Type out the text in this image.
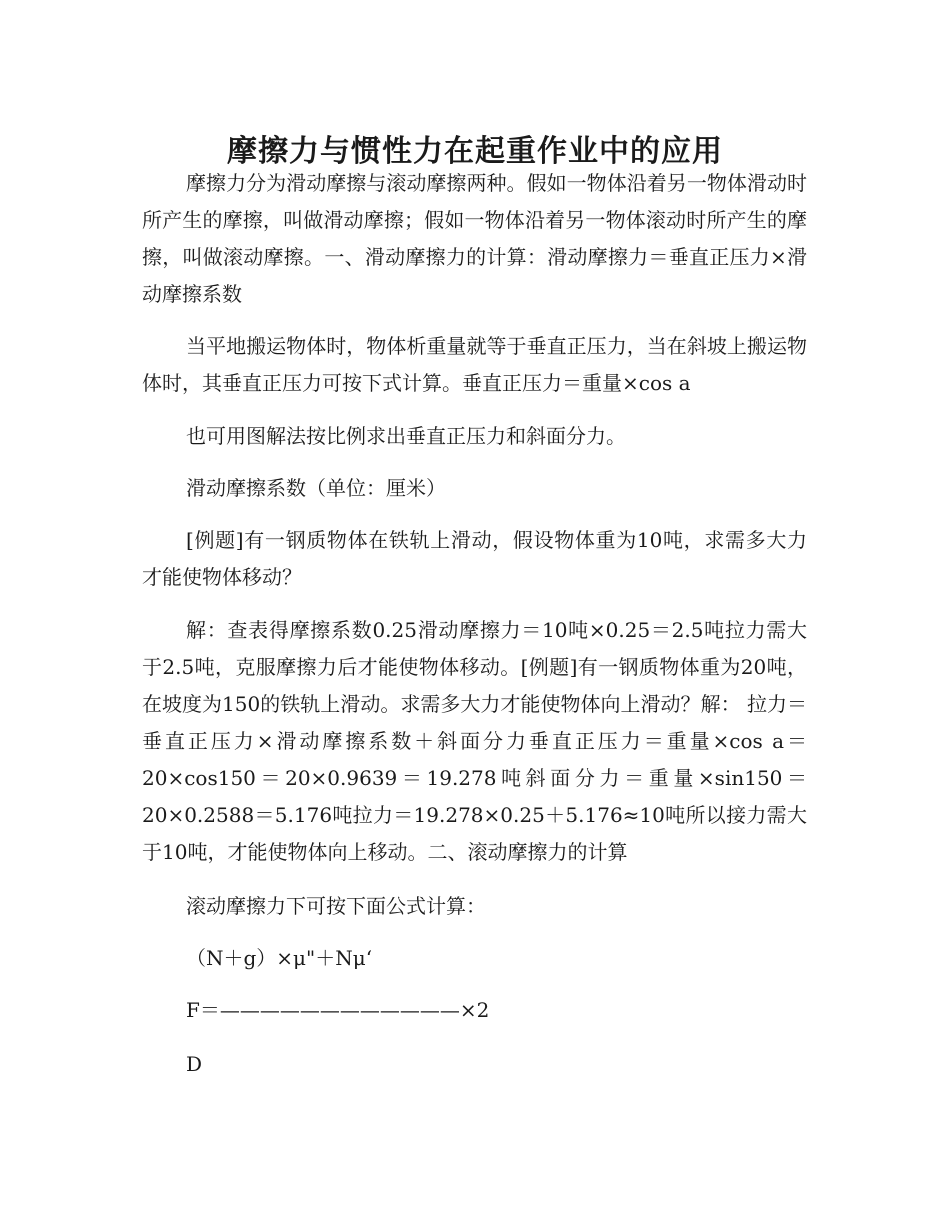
摩擦力与惯性力在起重作业中的应用

摩擦力分为滑动摩擦与滚动摩擦两种。假如一物体沿着另一物体滑动时所产生的摩擦，叫做滑动摩擦；假如一物体沿着另一物体滚动时所产生的摩擦，叫做滚动摩擦。一、滑动摩擦力的计算：滑动摩擦力＝垂直正压力×滑动摩擦系数

当平地搬运物体时，物体析重量就等于垂直正压力，当在斜坡上搬运物体时，其垂直正压力可按下式计算。垂直正压力＝重量×cos a

也可用图解法按比例求出垂直正压力和斜面分力。

滑动摩擦系数（单位：厘米）

[例题]有一钢质物体在铁轨上滑动，假设物体重为10吨，求需多大力才能使物体移动？

解：查表得摩擦系数0.25滑动摩擦力＝10吨×0.25＝2.5吨拉力需大于2.5吨，克服摩擦力后才能使物体移动。[例题]有一钢质物体重为20吨，在坡度为150的铁轨上滑动。求需多大力才能使物体向上滑动？解： 拉力＝垂直正压力×滑动摩擦系数＋斜面分力垂直正压力＝重量×cos a＝20×cos150＝20×0.9639＝19.278吨斜面分力＝重量×sin150＝20×0.2588＝5.176吨拉力＝19.278×0.25＋5.176≈10吨所以接力需大于10吨，才能使物体向上移动。二、滚动摩擦力的计算

滚动摩擦力下可按下面公式计算：

（N＋g）×μ"＋Nμ‘

F＝————————————×2

D
